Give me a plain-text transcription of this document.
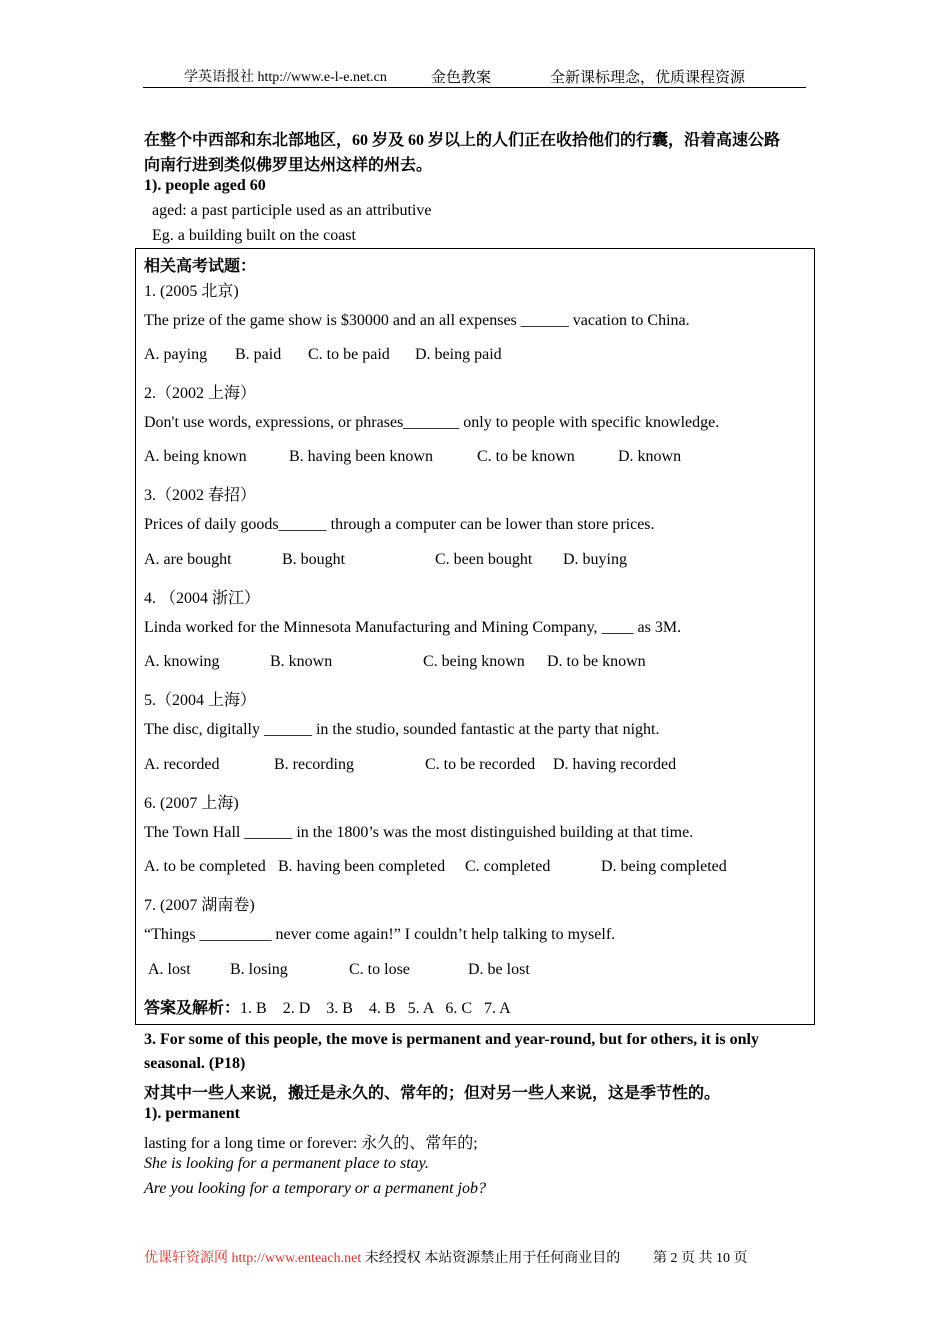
学英语报社 http://www.e-l-e.net.cn	金色教案	全新课标理念，优质课程资源
在整个中西部和东北部地区，60 岁及 60 岁以上的人们正在收拾他们的行囊，沿着高速公路
向南行进到类似佛罗里达州这样的州去。
1). people aged 60
aged: a past participle used as an attributive
Eg. a building built on the coast
相关高考试题：
1. (2005 北京)
The prize of the game show is $30000 and an all expenses ______ vacation to China.
A. paying B. paid C. to be paid D. being paid
2.（2002 上海）
Don't use words, expressions, or phrases_______ only to people with specific knowledge.
A. being known	B. having been known	C. to be known	D. known
3.（2002 春招）
Prices of daily goods______ through a computer can be lower than store prices.
A. are bought	B. bought	C. been bought D. buying
4. （2004 浙江）
Linda worked for the Minnesota Manufacturing and Mining Company, ____ as 3M.
A. knowing	B. known	C. being known D. to be known
5.（2004 上海）
The disc, digitally ______ in the studio, sounded fantastic at the party that night.
A. recorded	B. recording	C. to be recorded D. having recorded
6. (2007 上海)
The Town Hall ______ in the 1800’s was the most distinguished building at that time.
A. to be completed B. having been completed C. completed	D. being completed
7. (2007 湖南卷)
“Things _________ never come again!” I couldn’t help talking to myself.
A. lost B. losing	C. to lose	D. be lost
答案及解析：1. B    2. D    3. B    4. B   5. A   6. C   7. A
3. For some of this people, the move is permanent and year-round, but for others, it is only
seasonal. (P18)
对其中一些人来说，搬迁是永久的、常年的；但对另一些人来说，这是季节性的。
1). permanent
lasting for a long time or forever: 永久的、常年的;
She is looking for a permanent place to stay.
Are you looking for a temporary or a permanent job?
优课轩资源网 http://www.enteach.net 未经授权 本站资源禁止用于任何商业目的 第 2 页 共 10 页
